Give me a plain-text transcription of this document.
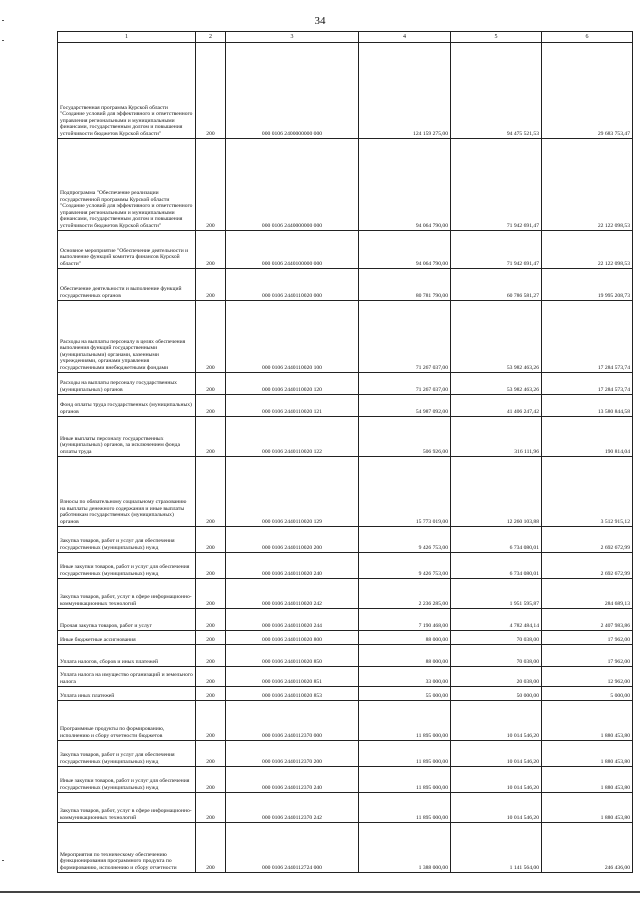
34
1	2	3	4	5	6
Государственная программа Курской области "Создание условий для эффективного и ответственного управления региональными и муниципальными финансами, государственным долгом и повышения устойчивости бюджетов Курской области"	200	000 0106 2400000000 000	124 159 275,00	94 475 521,53	29 683 753,47
Подпрограмма "Обеспечение реализации государственной программы Курской области "Создание условий для эффективного и ответственного управления региональными и муниципальными финансами, государственным долгом и повышения устойчивости бюджетов Курской области"	200	000 0106 2440000000 000	94 064 790,00	71 942 691,47	22 122 098,53
Основное мероприятие "Обеспечение деятельности и выполнение функций комитета финансов Курской области"	200	000 0106 2440100000 000	94 064 790,00	71 942 691,47	22 122 098,53
Обеспечение деятельности и выполнение функций государственных органов	200	000 0106 2440110020 000	80 781 790,00	60 786 581,27	19 995 208,73
Расходы на выплаты персоналу в целях обеспечения выполнения функций государственными (муниципальными) органами, казенными учреждениями, органами управления государственными внебюджетными фондами	200	000 0106 2440110020 100	71 267 037,00	53 982 463,26	17 284 573,74
Расходы на выплаты персоналу государственных (муниципальных) органов	200	000 0106 2440110020 120	71 267 037,00	53 982 463,26	17 284 573,74
Фонд оплаты труда государственных (муниципальных) органов	200	000 0106 2440110020 121	54 987 092,00	41 406 247,42	13 580 844,58
Иные выплаты персоналу государственных (муниципальных) органов, за исключением фонда оплаты труда	200	000 0106 2440110020 122	506 926,00	316 111,96	190 814,04
Взносы по обязательному социальному страхованию на выплаты денежного содержания и иные выплаты работникам государственных (муниципальных) органов	200	000 0106 2440110020 129	15 773 019,00	12 260 103,88	3 512 915,12
Закупка товаров, работ и услуг для обеспечения государственных (муниципальных) нужд	200	000 0106 2440110020 200	9 426 753,00	6 734 080,01	2 692 672,99
Иные закупки товаров, работ и услуг для обеспечения государственных (муниципальных) нужд	200	000 0106 2440110020 240	9 426 753,00	6 734 080,01	2 692 672,99
Закупка товаров, работ, услуг в сфере информационно-коммуникационных технологий	200	000 0106 2440110020 242	2 236 285,00	1 951 595,87	284 689,13
Прочая закупка товаров, работ и услуг	200	000 0106 2440110020 244	7 190 468,00	4 782 484,14	2 407 983,86
Иные бюджетные ассигнования	200	000 0106 2440110020 800	88 000,00	70 038,00	17 962,00
Уплата налогов, сборов и иных платежей	200	000 0106 2440110020 850	88 000,00	70 038,00	17 962,00
Уплата налога на имущество организаций и земельного налога	200	000 0106 2440110020 851	33 000,00	20 038,00	12 962,00
Уплата иных платежей	200	000 0106 2440110020 853	55 000,00	50 000,00	5 000,00
Программные продукты по формированию, исполнению и сбору отчетности бюджетов	200	000 0106 2440112370 000	11 895 000,00	10 014 546,20	1 880 453,80
Закупка товаров, работ и услуг для обеспечения государственных (муниципальных) нужд	200	000 0106 2440112370 200	11 895 000,00	10 014 546,20	1 880 453,80
Иные закупки товаров, работ и услуг для обеспечения государственных (муниципальных) нужд	200	000 0106 2440112370 240	11 895 000,00	10 014 546,20	1 880 453,80
Закупка товаров, работ, услуг в сфере информационно-коммуникационных технологий	200	000 0106 2440112370 242	11 895 000,00	10 014 546,20	1 880 453,80
Мероприятия по техническому обеспечению функционирования программного продукта по формированию, исполнению и сбору отчетности	200	000 0106 2440112724 000	1 388 000,00	1 141 564,00	246 436,00
